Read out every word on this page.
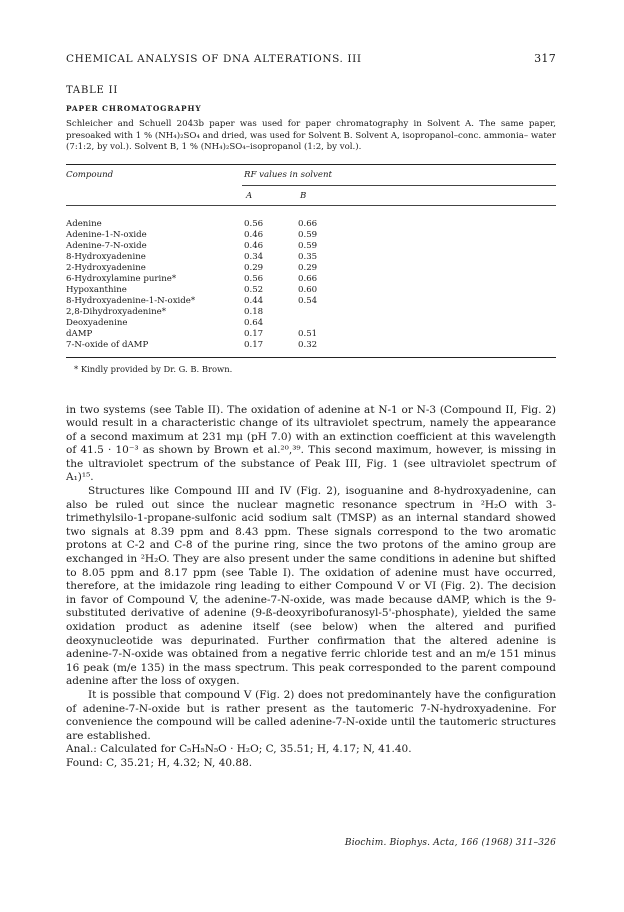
CHEMICAL ANALYSIS OF DNA ALTERATIONS. III	317
TABLE II
PAPER CHROMATOGRAPHY
Schleicher and Schuell 2043b paper was used for paper chromatography in Solvent A. The same paper, presoaked with 1 % (NH₄)₂SO₄ and dried, was used for Solvent B. Solvent A, isopropanol–conc. ammonia– water (7:1:2, by vol.). Solvent B, 1 % (NH₄)₂SO₄–isopropanol (1:2, by vol.).
Compound	RF values in solvent
A	B
Adenine	0.56	0.66
Adenine-1-N-oxide	0.46	0.59
Adenine-7-N-oxide	0.46	0.59
8-Hydroxyadenine	0.34	0.35
2-Hydroxyadenine	0.29	0.29
6-Hydroxylamine purine*	0.56	0.66
Hypoxanthine	0.52	0.60
8-Hydroxyadenine-1-N-oxide*	0.44	0.54
2,8-Dihydroxyadenine*	0.18
Deoxyadenine	0.64
dAMP	0.17	0.51
7-N-oxide of dAMP	0.17	0.32
* Kindly provided by Dr. G. B. Brown.

in two systems (see Table II). The oxidation of adenine at N-1 or N-3 (Compound II, Fig. 2) would result in a characteristic change of its ultraviolet spectrum, namely the appearance of a second maximum at 231 mμ (pH 7.0) with an extinction coefficient at this wavelength of 41.5 · 10⁻³ as shown by Brown et al.²⁰,³⁹. This second maximum, however, is missing in the ultraviolet spectrum of the substance of Peak III, Fig. 1 (see ultraviolet spectrum of A₁)¹⁵.

Structures like Compound III and IV (Fig. 2), isoguanine and 8-hydroxyadenine, can also be ruled out since the nuclear magnetic resonance spectrum in ²H₂O with 3-trimethylsilo-1-propane-sulfonic acid sodium salt (TMSP) as an internal standard showed two signals at 8.39 ppm and 8.43 ppm. These signals correspond to the two aromatic protons at C-2 and C-8 of the purine ring, since the two protons of the amino group are exchanged in ²H₂O. They are also present under the same conditions in adenine but shifted to 8.05 ppm and 8.17 ppm (see Table I). The oxidation of adenine must have occurred, therefore, at the imidazole ring leading to either Compound V or VI (Fig. 2). The decision in favor of Compound V, the adenine-7-N-oxide, was made because dAMP, which is the 9-substituted derivative of adenine (9-ß-deoxyribofuranosyl-5'-phosphate), yielded the same oxidation product as adenine itself (see below) when the altered and purified deoxynucleotide was depurinated. Further confirmation that the altered adenine is adenine-7-N-oxide was obtained from a negative ferric chloride test and an m/e 151 minus 16 peak (m/e 135) in the mass spectrum. This peak corresponded to the parent compound adenine after the loss of oxygen.

It is possible that compound V (Fig. 2) does not predominantely have the configuration of adenine-7-N-oxide but is rather present as the tautomeric 7-N-hydroxyadenine. For convenience the compound will be called adenine-7-N-oxide until the tautomeric structures are established.

Anal.: Calculated for C₅H₅N₅O · H₂O; C, 35.51; H, 4.17; N, 41.40.

Found: C, 35.21; H, 4.32; N, 40.88.

Biochim. Biophys. Acta, 166 (1968) 311–326
